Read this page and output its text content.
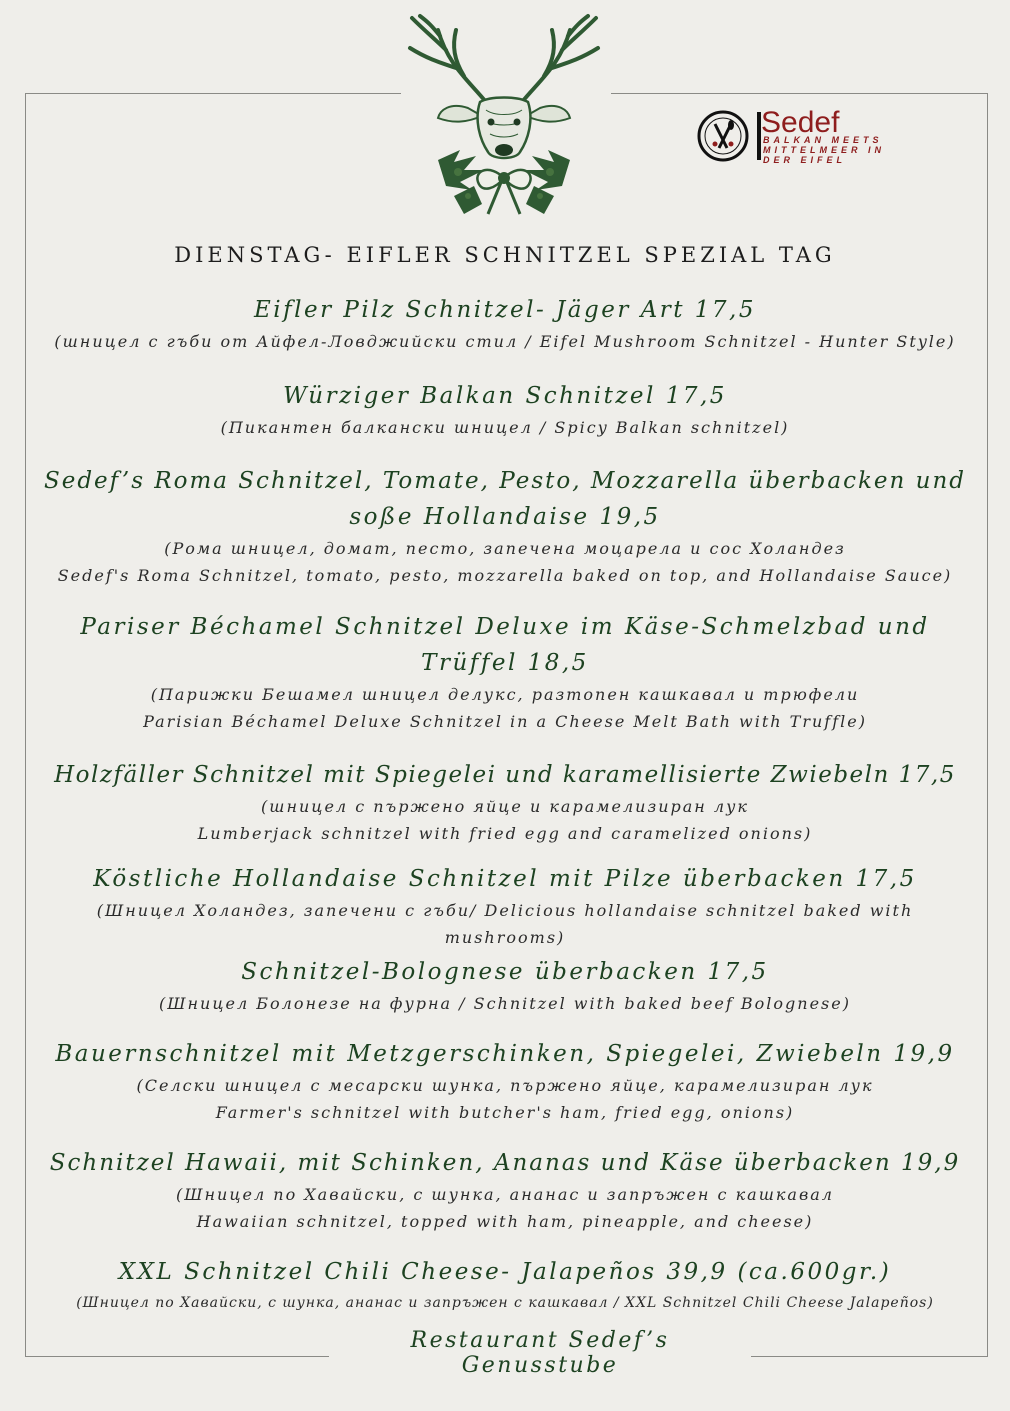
Sedef
BALKAN MEETS
MITTELMEER IN
DER EIFEL
DIENSTAG- EIFLER SCHNITZEL SPEZIAL TAG
Eifler Pilz Schnitzel- Jäger Art 17,5
(шницел с гъби от Айфел-Ловджийски стил / Eifel Mushroom Schnitzel - Hunter Style)
Würziger Balkan Schnitzel 17,5
(Пикантен балкански шницел / Spicy Balkan schnitzel)
Sedef’s Roma Schnitzel, Tomate, Pesto, Mozzarella überbacken und
soße Hollandaise 19,5
(Рома шницел, домат, песто, запечена моцарела и сос Холандез
Sedef's Roma Schnitzel, tomato, pesto, mozzarella baked on top, and Hollandaise Sauce)
Pariser Béchamel Schnitzel Deluxe im Käse-Schmelzbad und
Trüffel 18,5
(Парижки Бешамел шницел делукс, разтопен кашкавал и трюфели
Parisian Béchamel Deluxe Schnitzel in a Cheese Melt Bath with Truffle)
Holzfäller Schnitzel mit Spiegelei und karamellisierte Zwiebeln 17,5
(шницел с пържено яйце и карамелизиран лук
Lumberjack schnitzel with fried egg and caramelized onions)
Köstliche Hollandaise Schnitzel mit Pilze überbacken 17,5
(Шницел Холандез, запечени с гъби/ Delicious hollandaise schnitzel baked with
mushrooms)
Schnitzel-Bolognese überbacken 17,5
(Шницел Болонезе на фурна / Schnitzel with baked beef Bolognese)
Bauernschnitzel mit Metzgerschinken, Spiegelei, Zwiebeln 19,9
(Селски шницел с месарски шунка, пържено яйце, карамелизиран лук
Farmer's schnitzel with butcher's ham, fried egg, onions)
Schnitzel Hawaii, mit Schinken, Ananas und Käse überbacken 19,9
(Шницел по Хавайски, с шунка, ананас и запръжен с кашкавал
Hawaiian schnitzel, topped with ham, pineapple, and cheese)
XXL Schnitzel Chili Cheese- Jalapeños 39,9 (ca.600gr.)
(Шницел по Хавайски, с шунка, ананас и запръжен с кашкавал / XXL Schnitzel Chili Cheese Jalapeños)
Restaurant Sedef’s Genusstube
